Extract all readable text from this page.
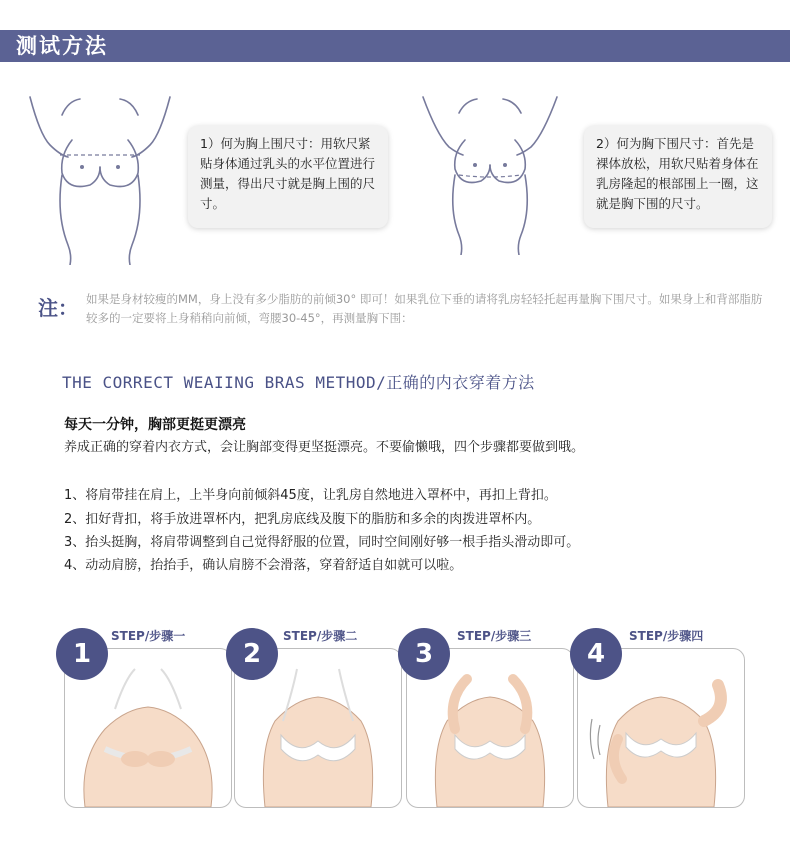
测试方法
1）何为胸上围尺寸：用软尺紧贴身体通过乳头的水平位置进行测量，得出尺寸就是胸上围的尺寸。
2）何为胸下围尺寸：首先是裸体放松，用软尺贴着身体在乳房隆起的根部围上一圈，这就是胸下围的尺寸。
注： 如果是身材较瘦的MM，身上没有多少脂肪的前倾30° 即可！如果乳位下垂的请将乳房轻轻托起再量胸下围尺寸。如果身上和背部脂肪较多的一定要将上身稍稍向前倾，弯腰30-45°，再测量胸下围：
THE CORRECT WEAIING BRAS METHOD/正确的内衣穿着方法
每天一分钟，胸部更挺更漂亮
养成正确的穿着内衣方式，会让胸部变得更坚挺漂亮。不要偷懒哦，四个步骤都要做到哦。
1、将肩带挂在肩上，上半身向前倾斜45度，让乳房自然地进入罩杯中，再扣上背扣。
2、扣好背扣，将手放进罩杯内，把乳房底线及腹下的脂肪和多余的肉拨进罩杯内。
3、抬头挺胸，将肩带调整到自己觉得舒服的位置，同时空间刚好够一根手指头滑动即可。
4、动动肩膀，抬抬手，确认肩膀不会滑落，穿着舒适自如就可以啦。
1
STEP/步骤一
2
STEP/步骤二
3
STEP/步骤三
4
STEP/步骤四
